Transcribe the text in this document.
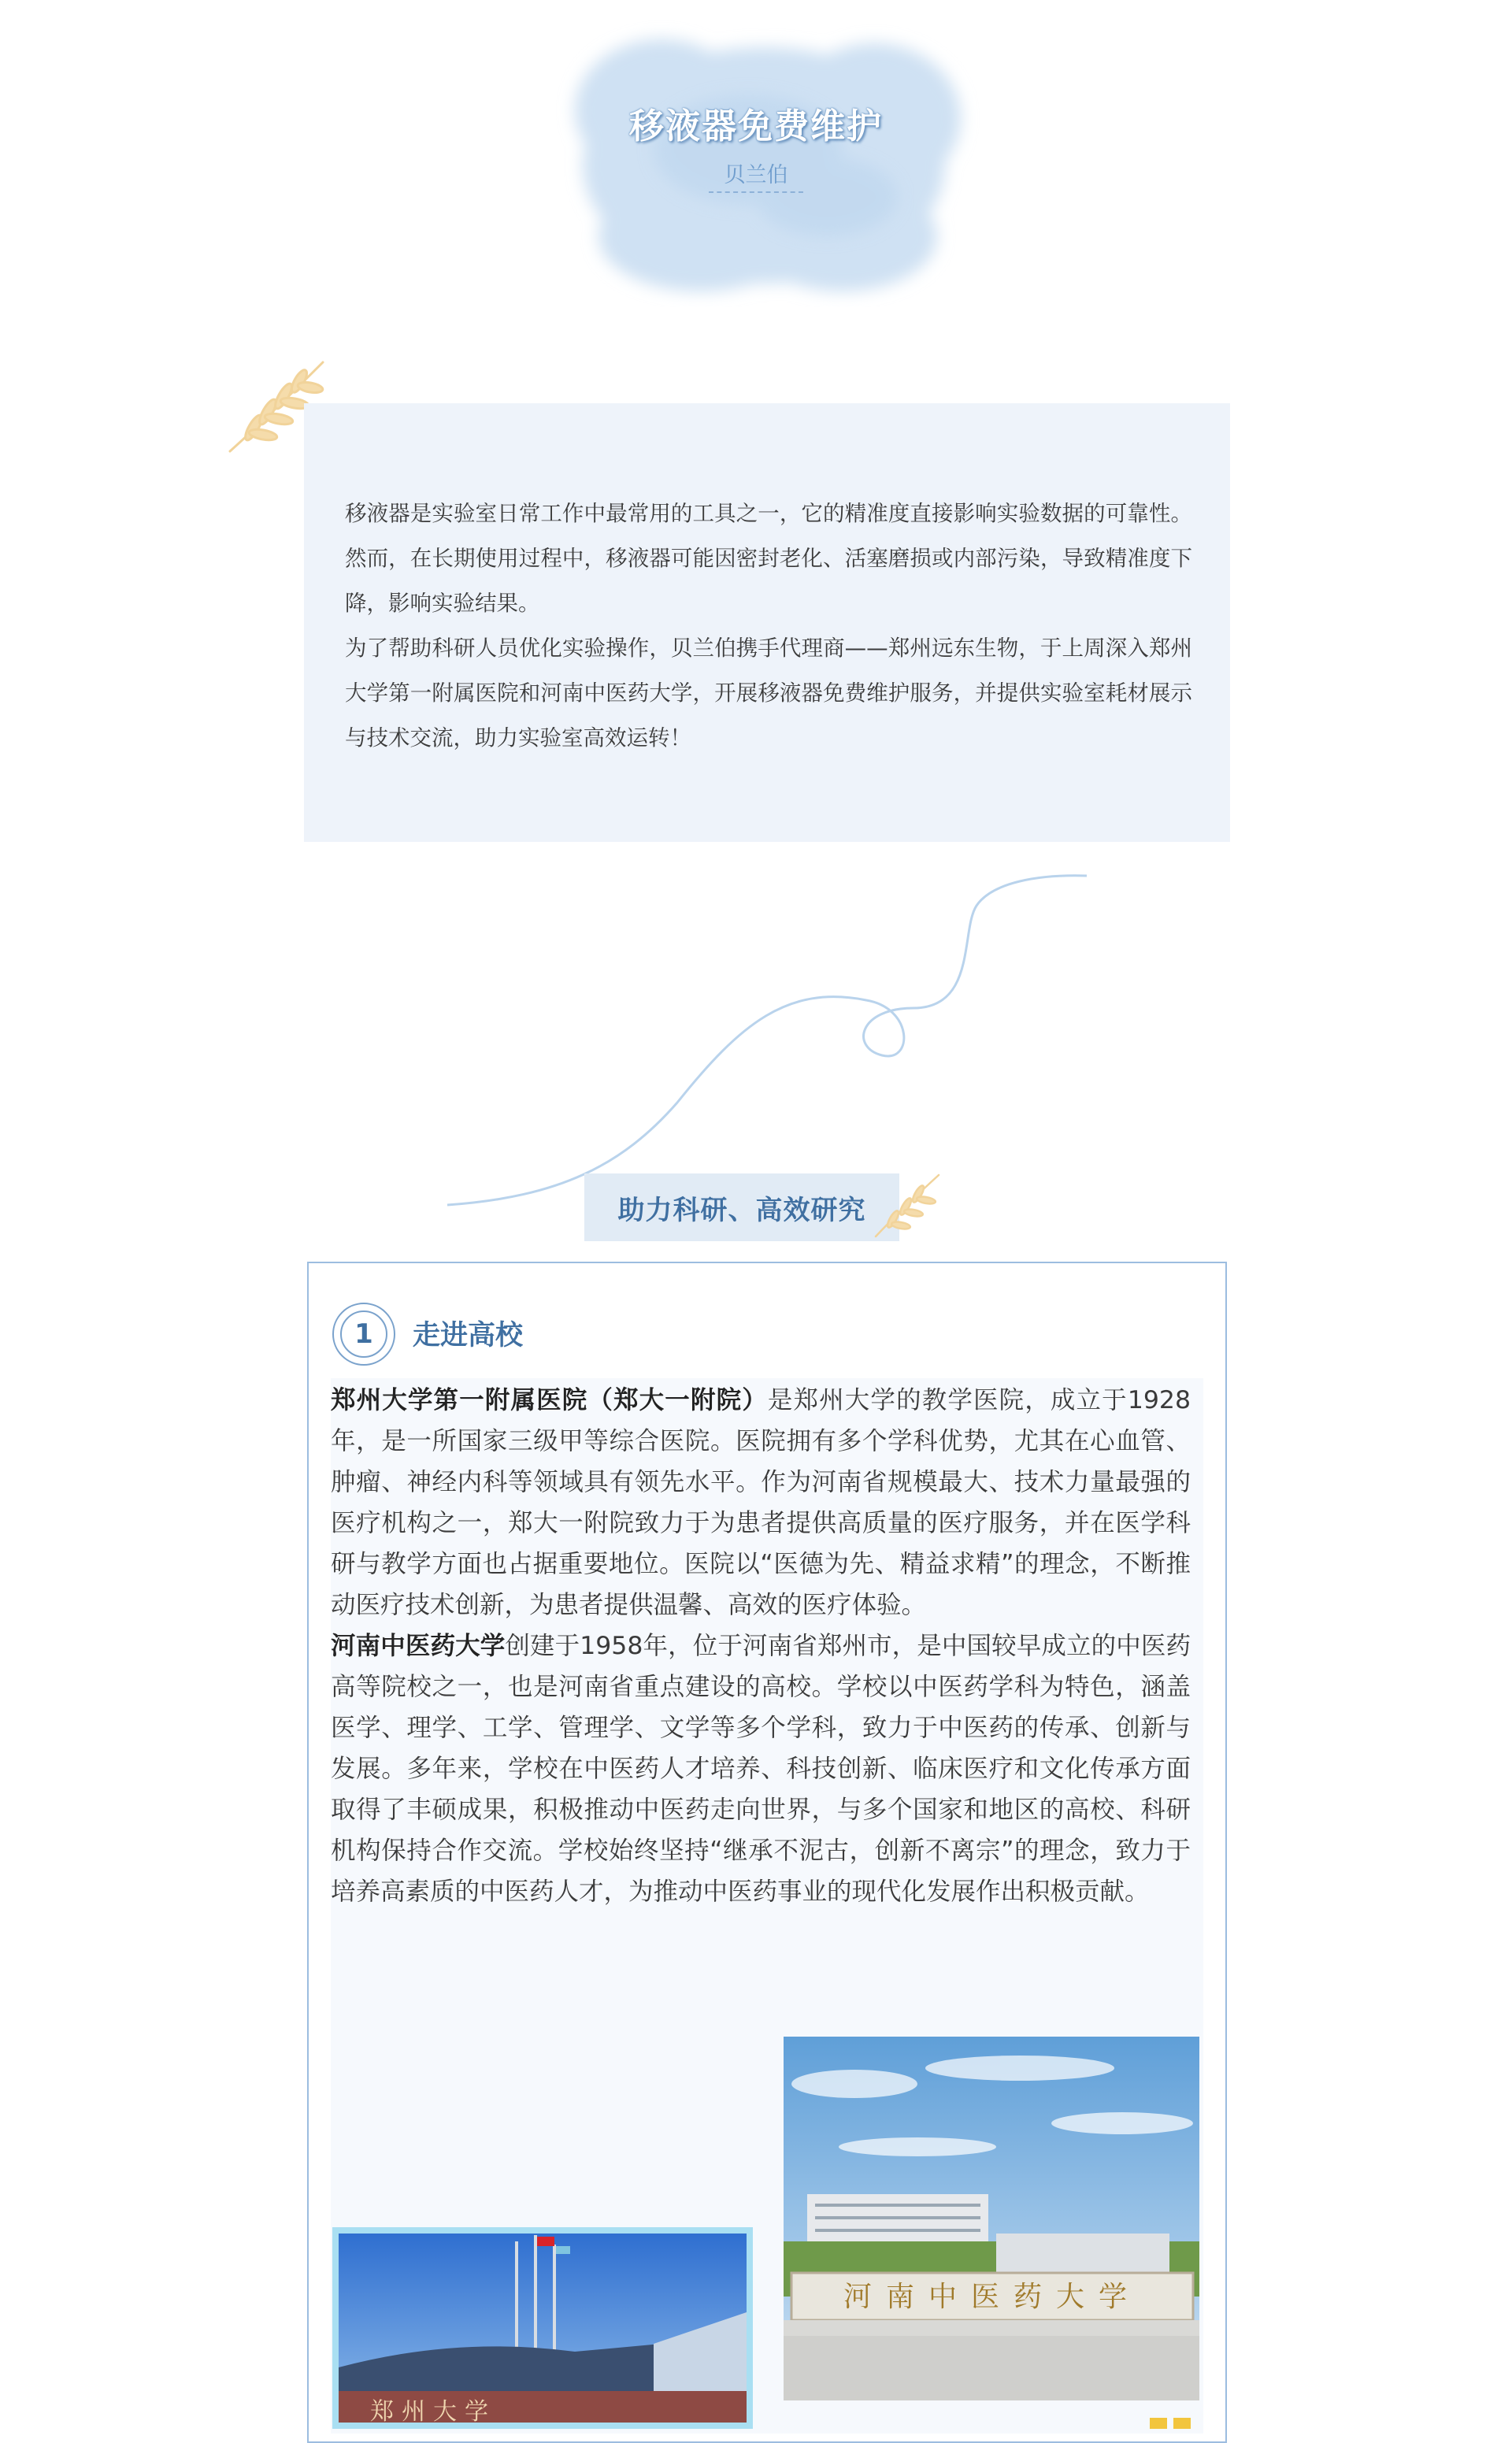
移液器免费维护
贝兰伯

移液器是实验室日常工作中最常用的工具之一，它的精准度直接影响实验数据的可靠性。然而，在长期使用过程中，移液器可能因密封老化、活塞磨损或内部污染，导致精准度下降，影响实验结果。

为了帮助科研人员优化实验操作，贝兰伯携手代理商——郑州远东生物，于上周深入郑州大学第一附属医院和河南中医药大学，开展移液器免费维护服务，并提供实验室耗材展示与技术交流，助力实验室高效运转！

助力科研、高效研究
1	走进高校

郑州大学第一附属医院（郑大一附院）是郑州大学的教学医院，成立于1928年，是一所国家三级甲等综合医院。医院拥有多个学科优势，尤其在心血管、肿瘤、神经内科等领域具有领先水平。作为河南省规模最大、技术力量最强的医疗机构之一，郑大一附院致力于为患者提供高质量的医疗服务，并在医学科研与教学方面也占据重要地位。医院以“医德为先、精益求精”的理念，不断推动医疗技术创新，为患者提供温馨、高效的医疗体验。

河南中医药大学创建于1958年，位于河南省郑州市，是中国较早成立的中医药高等院校之一，也是河南省重点建设的高校。学校以中医药学科为特色，涵盖医学、理学、工学、管理学、文学等多个学科，致力于中医药的传承、创新与发展。多年来，学校在中医药人才培养、科技创新、临床医疗和文化传承方面取得了丰硕成果，积极推动中医药走向世界，与多个国家和地区的高校、科研机构保持合作交流。学校始终坚持“继承不泥古，创新不离宗”的理念，致力于培养高素质的中医药人才，为推动中医药事业的现代化发展作出积极贡献。

河南中医药大学
郑州大学
